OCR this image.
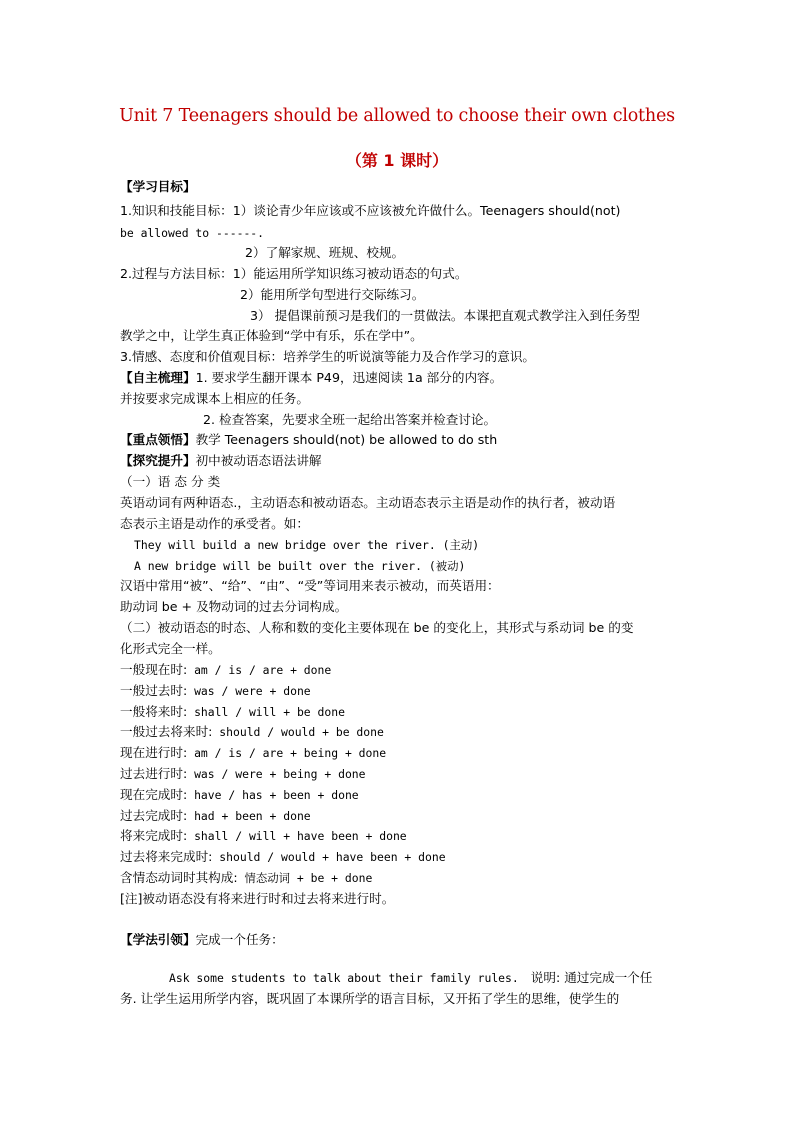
Unit 7 Teenagers should be allowed to choose their own clothes
（第 1 课时）
【学习目标】
1.知识和技能目标：1）谈论青少年应该或不应该被允许做什么。Teenagers should(not)
be allowed to ------.
2）了解家规、班规、校规。
2.过程与方法目标：1）能运用所学知识练习被动语态的句式。
2）能用所学句型进行交际练习。
3） 提倡课前预习是我们的一贯做法。本课把直观式教学注入到任务型
教学之中，让学生真正体验到“学中有乐，乐在学中”。
3.情感、态度和价值观目标：培养学生的听说演等能力及合作学习的意识。
【自主梳理】1. 要求学生翻开课本 P49，迅速阅读 1a 部分的内容。
并按要求完成课本上相应的任务。
2. 检查答案，先要求全班一起给出答案并检查讨论。
【重点领悟】教学 Teenagers should(not) be allowed to do sth
【探究提升】初中被动语态语法讲解
（一）语 态 分 类
英语动词有两种语态.，主动语态和被动语态。主动语态表示主语是动作的执行者，被动语
态表示主语是动作的承受者。如：
They will build a new bridge over the river. (主动)
A new bridge will be built over the river. (被动)
汉语中常用“被”、“给”、“由”、“受”等词用来表示被动，而英语用：
助动词 be + 及物动词的过去分词构成。
（二）被动语态的时态、人称和数的变化主要体现在 be 的变化上，其形式与系动词 be 的变
化形式完全一样。
一般现在时: am / is / are + done
一般过去时: was / were + done
一般将来时: shall / will + be done
一般过去将来时: should / would + be done
现在进行时: am / is / are + being + done
过去进行时: was / were + being + done
现在完成时: have / has + been + done
过去完成时: had + been + done
将来完成时: shall / will + have been + done
过去将来完成时: should / would + have been + done
含情态动词时其构成: 情态动词 + be + done
[注]被动语态没有将来进行时和过去将来进行时。
【学法引领】完成一个任务：
Ask some students to talk about their family rules. 说明: 通过完成一个任
务. 让学生运用所学内容，既巩固了本课所学的语言目标，又开拓了学生的思维，使学生的
